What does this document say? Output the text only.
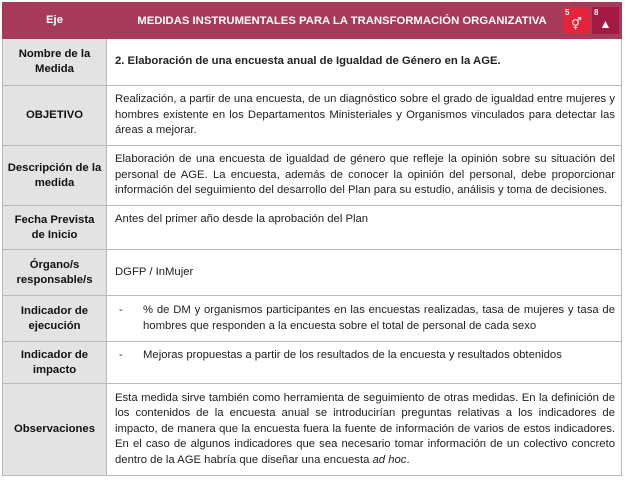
Eje	MEDIDAS INSTRUMENTALES PARA LA TRANSFORMACIÓN ORGANIZATIVA
5
⚥
8
▲

Nombre de la Medida	2. Elaboración de una encuesta anual de Igualdad de Género en la AGE.
OBJETIVO	Realización, a partir de una encuesta, de un diagnóstico sobre el grado de igualdad entre mujeres y hombres existente en los Departamentos Ministeriales y Organismos vinculados para detectar las áreas a mejorar.
Descripción de la medida	Elaboración de una encuesta de igualdad de género que refleje la opinión sobre su situación del personal de AGE. La encuesta, además de conocer la opinión del personal, debe proporcionar información del seguimiento del desarrollo del Plan para su estudio, análisis y toma de decisiones.
Fecha Prevista de Inicio	Antes del primer año desde la aprobación del Plan
Órgano/s responsable/s	DGFP / InMujer
Indicador de ejecución	- % de DM y organismos participantes en las encuestas realizadas, tasa de mujeres y tasa de hombres que responden a la encuesta sobre el total de personal de cada sexo

Indicador de impacto	- Mejoras propuestas a partir de los resultados de la encuesta y resultados obtenidos

Observaciones	Esta medida sirve también como herramienta de seguimiento de otras medidas. En la definición de los contenidos de la encuesta anual se introducirían preguntas relativas a los indicadores de impacto, de manera que la encuesta fuera la fuente de información de varios de estos indicadores. En el caso de algunos indicadores que sea necesario tomar información de un colectivo concreto dentro de la AGE habría que diseñar una encuesta ad hoc.
